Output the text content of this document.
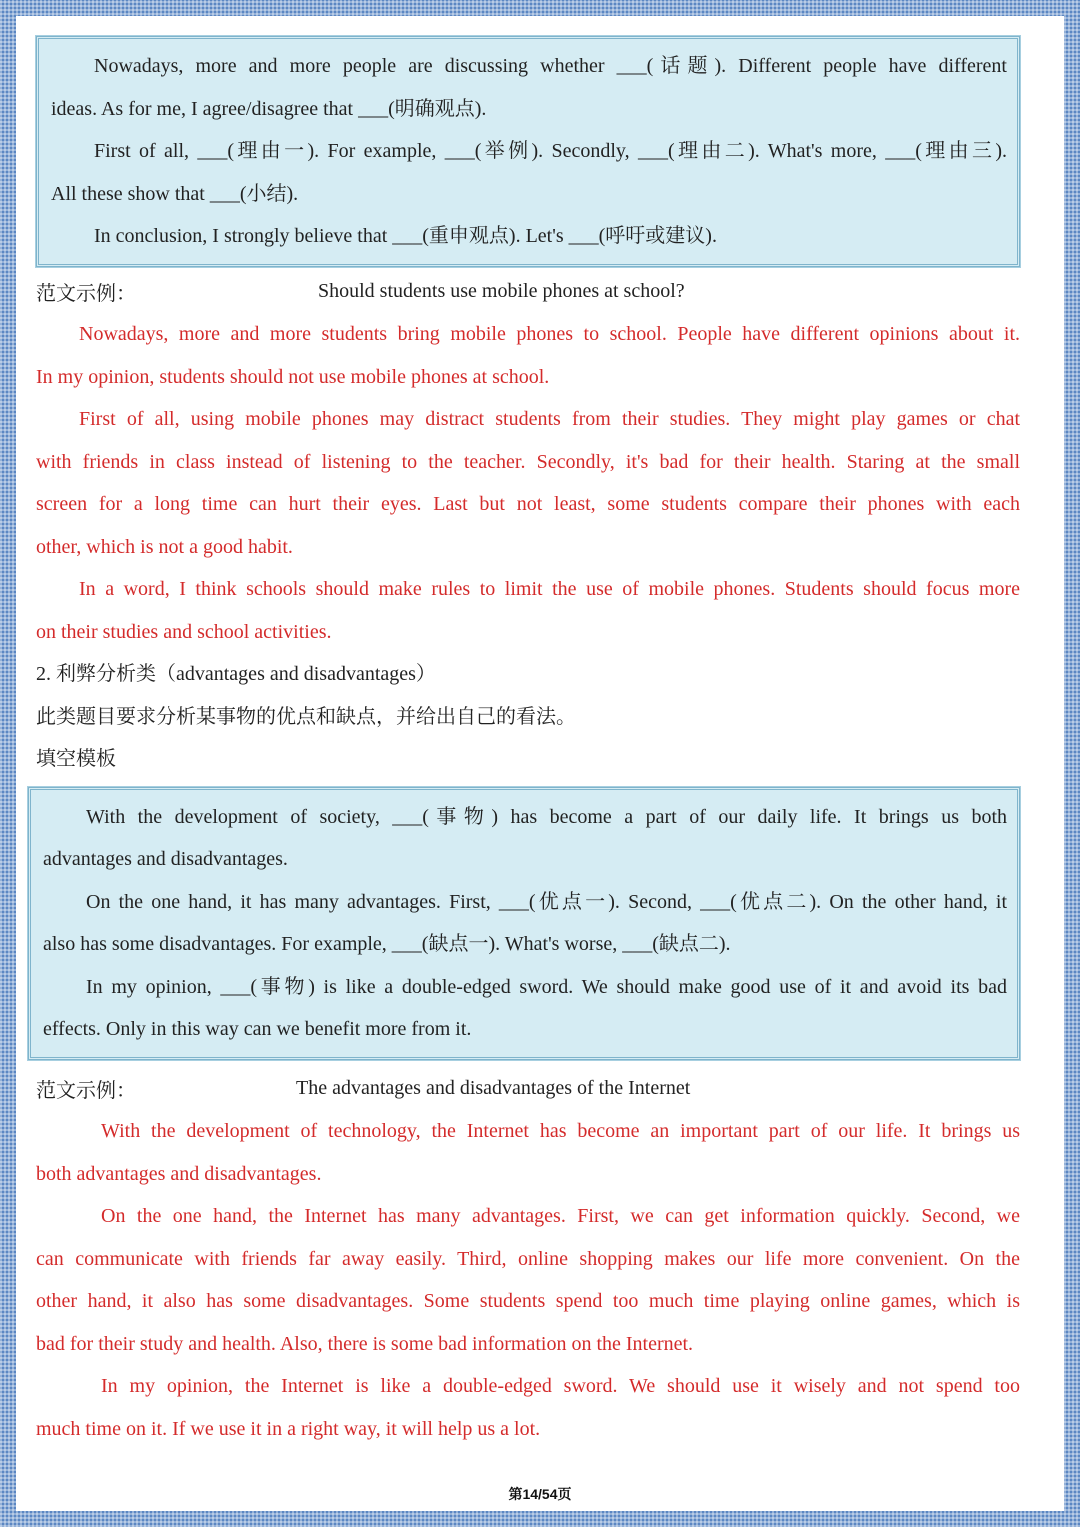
Nowadays, more and more people are discussing whether ___(话题). Different people have different
ideas. As for me, I agree/disagree that ___(明确观点).
First of all, ___(理由一). For example, ___(举例). Secondly, ___(理由二). What's more, ___(理由三).
All these show that ___(小结).
In conclusion, I strongly believe that ___(重申观点). Let's ___(呼吁或建议).
范文示例：	Should students use mobile phones at school?
Nowadays, more and more students bring mobile phones to school. People have different opinions about it.
In my opinion, students should not use mobile phones at school.
First of all, using mobile phones may distract students from their studies. They might play games or chat
with friends in class instead of listening to the teacher. Secondly, it's bad for their health. Staring at the small
screen for a long time can hurt their eyes. Last but not least, some students compare their phones with each
other, which is not a good habit.
In a word, I think schools should make rules to limit the use of mobile phones. Students should focus more
on their studies and school activities.
2. 利弊分析类（advantages and disadvantages）
此类题目要求分析某事物的优点和缺点，并给出自己的看法。
填空模板
With the development of society, ___(事物) has become a part of our daily life. It brings us both
advantages and disadvantages.
On the one hand, it has many advantages. First, ___(优点一). Second, ___(优点二). On the other hand, it
also has some disadvantages. For example, ___(缺点一). What's worse, ___(缺点二).
In my opinion, ___(事物) is like a double-edged sword. We should make good use of it and avoid its bad
effects. Only in this way can we benefit more from it.
范文示例：	The advantages and disadvantages of the Internet
With the development of technology, the Internet has become an important part of our life. It brings us
both advantages and disadvantages.
On the one hand, the Internet has many advantages. First, we can get information quickly. Second, we
can communicate with friends far away easily. Third, online shopping makes our life more convenient. On the
other hand, it also has some disadvantages. Some students spend too much time playing online games, which is
bad for their study and health. Also, there is some bad information on the Internet.
In my opinion, the Internet is like a double-edged sword. We should use it wisely and not spend too
much time on it. If we use it in a right way, it will help us a lot.
第14/54页
